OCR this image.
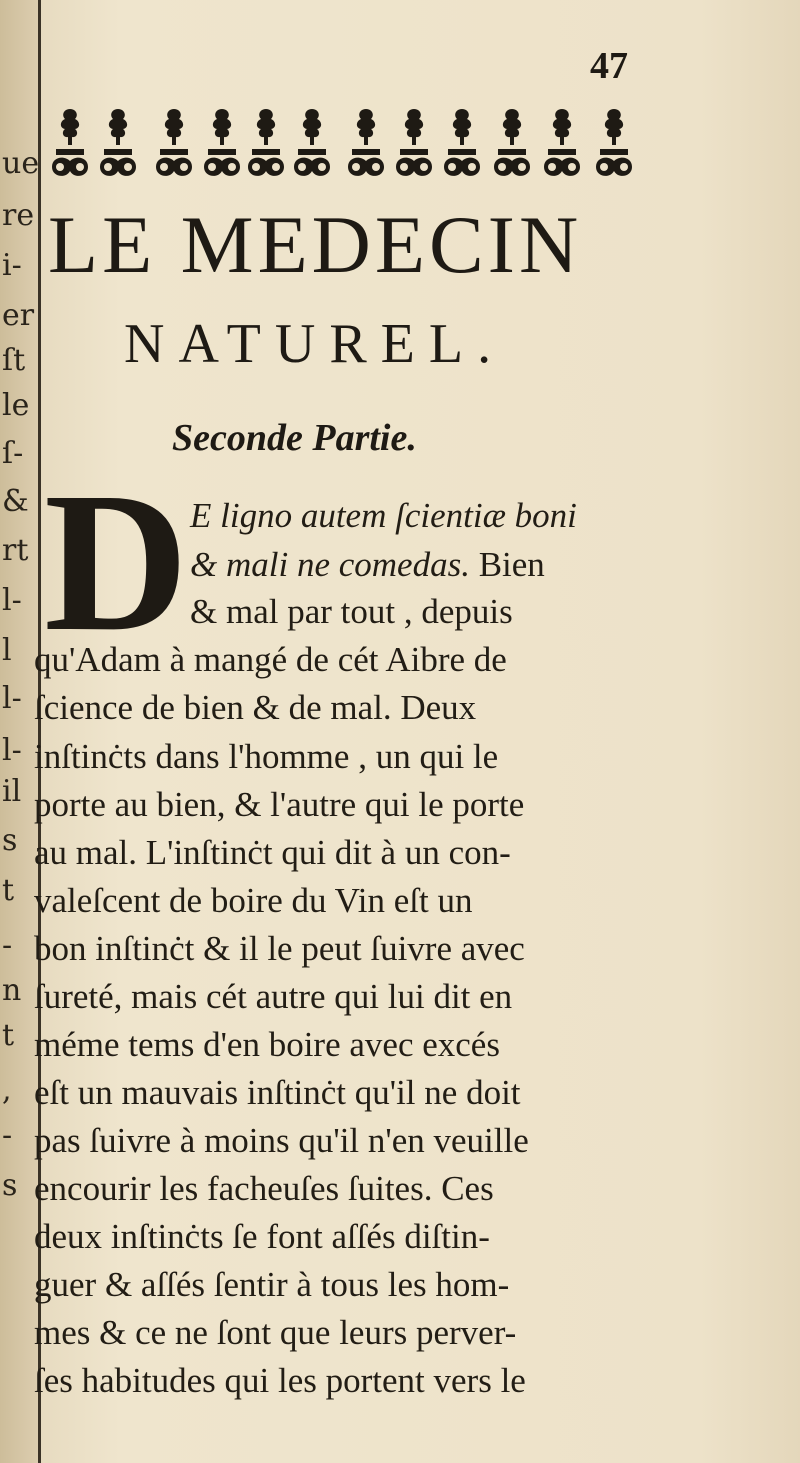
ue
re
i-
er
ſt
le
ſ-
&
rt
l-
l
l-
l-
il
s
t
-
n
t
,
-
s
47
LE MEDECIN
NATUREL.
Seconde Partie.
D E ligno autem ſcientiæ boni
& mali ne comedas. Bien
& mal par tout , depuis
qu'Adam à mangé de cét Aibre de
ſcience de bien & de mal. Deux
inſtinċts dans l'homme , un qui le
porte au bien, & l'autre qui le porte
au mal. L'inſtinċt qui dit à un con-
valeſcent de boire du Vin eſt un
bon inſtinċt & il le peut ſuivre avec
ſureté, mais cét autre qui lui dit en
méme tems d'en boire avec excés
eſt un mauvais inſtinċt qu'il ne doit
pas ſuivre à moins qu'il n'en veuille
encourir les facheuſes ſuites. Ces
deux inſtinċts ſe font aſſés diſtin-
guer & aſſés ſentir à tous les hom-
mes & ce ne ſont que leurs perver-
ſes habitudes qui les portent vers le
